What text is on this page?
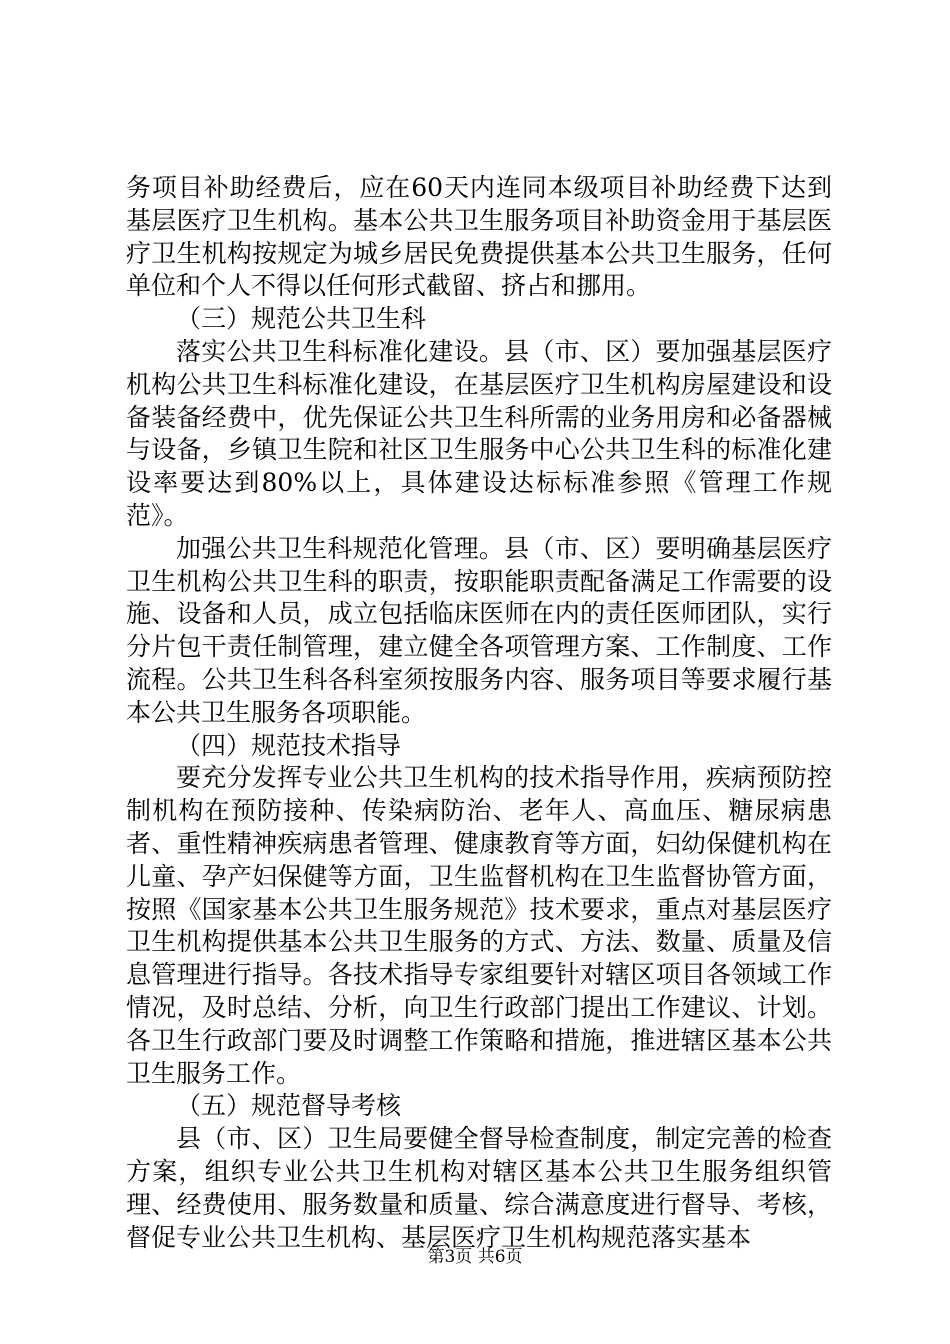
务项目补助经费后，应在60天内连同本级项目补助经费下达到基层医疗卫生机构。基本公共卫生服务项目补助资金用于基层医疗卫生机构按规定为城乡居民免费提供基本公共卫生服务，任何单位和个人不得以任何形式截留、挤占和挪用。

（三）规范公共卫生科

落实公共卫生科标准化建设。县（市、区）要加强基层医疗机构公共卫生科标准化建设，在基层医疗卫生机构房屋建设和设备装备经费中，优先保证公共卫生科所需的业务用房和必备器械与设备，乡镇卫生院和社区卫生服务中心公共卫生科的标准化建设率要达到80%以上，具体建设达标标准参照《管理工作规范》。

加强公共卫生科规范化管理。县（市、区）要明确基层医疗卫生机构公共卫生科的职责，按职能职责配备满足工作需要的设施、设备和人员，成立包括临床医师在内的责任医师团队，实行分片包干责任制管理，建立健全各项管理方案、工作制度、工作流程。公共卫生科各科室须按服务内容、服务项目等要求履行基本公共卫生服务各项职能。

（四）规范技术指导

要充分发挥专业公共卫生机构的技术指导作用，疾病预防控制机构在预防接种、传染病防治、老年人、高血压、糖尿病患者、重性精神疾病患者管理、健康教育等方面，妇幼保健机构在儿童、孕产妇保健等方面，卫生监督机构在卫生监督协管方面，按照《国家基本公共卫生服务规范》技术要求，重点对基层医疗卫生机构提供基本公共卫生服务的方式、方法、数量、质量及信息管理进行指导。各技术指导专家组要针对辖区项目各领域工作情况，及时总结、分析，向卫生行政部门提出工作建议、计划。各卫生行政部门要及时调整工作策略和措施，推进辖区基本公共卫生服务工作。

（五）规范督导考核

县（市、区）卫生局要健全督导检查制度，制定完善的检查方案，组织专业公共卫生机构对辖区基本公共卫生服务组织管理、经费使用、服务数量和质量、综合满意度进行督导、考核，督促专业公共卫生机构、基层医疗卫生机构规范落实基本

第3页 共6页
